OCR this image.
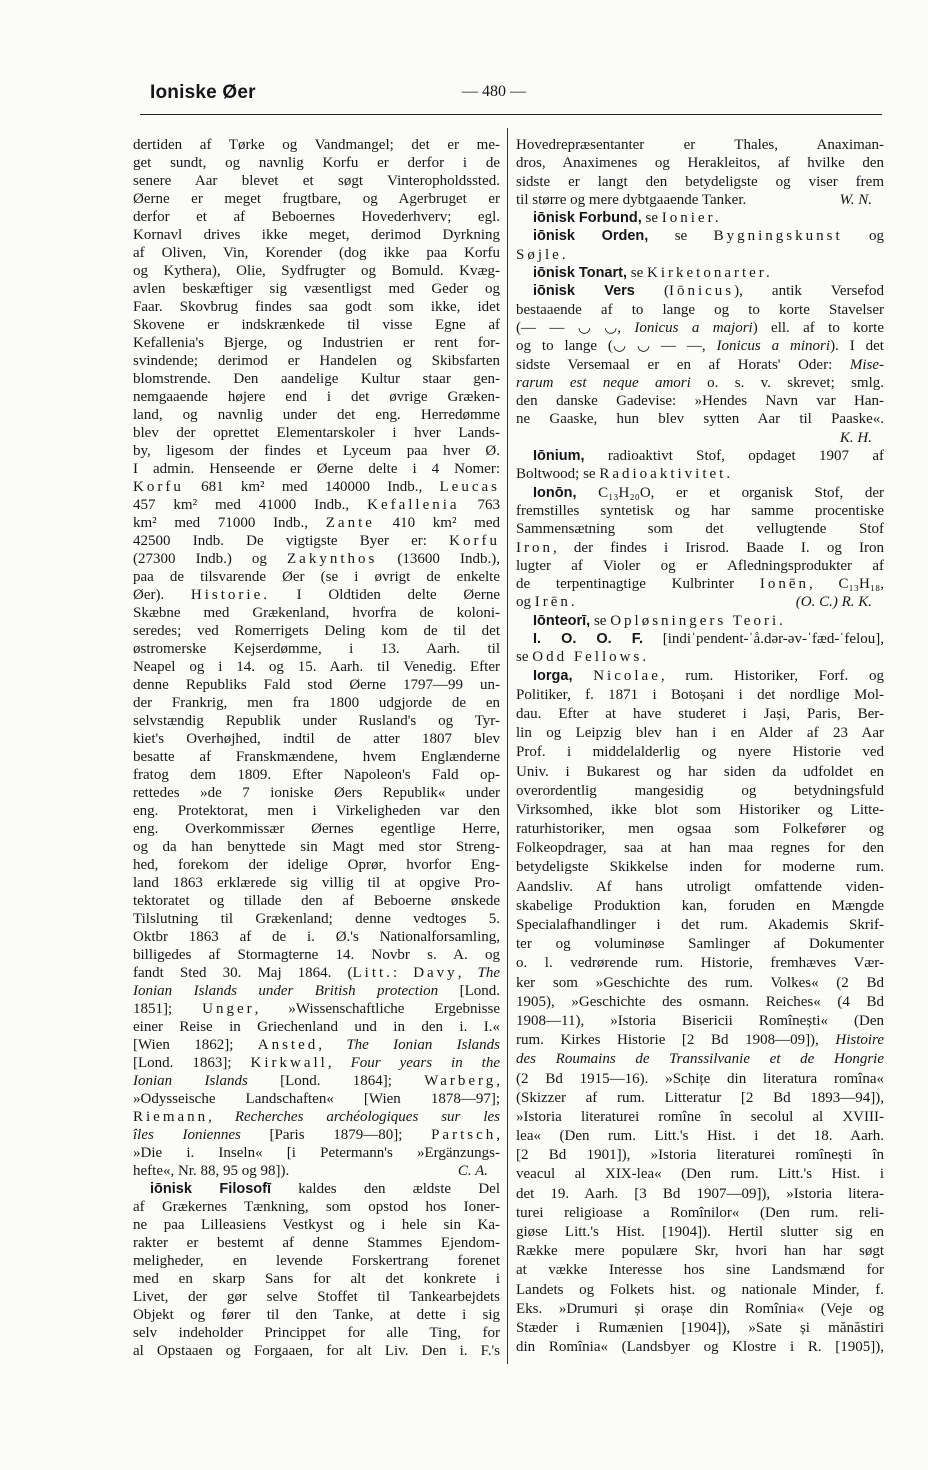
Ioniske Øer	— 480 —
dertiden af Tørke og Vandmangel; det er me-
get sundt, og navnlig Korfu er derfor i de
senere Aar blevet et søgt Vinteropholdssted.
Øerne er meget frugtbare, og Agerbruget er
derfor et af Beboernes Hovederhverv; egl.
Kornavl drives ikke meget, derimod Dyrkning
af Oliven, Vin, Korender (dog ikke paa Korfu
og Kythera), Olie, Sydfrugter og Bomuld. Kvæg-
avlen beskæftiger sig væsentligst med Geder og
Faar. Skovbrug findes saa godt som ikke, idet
Skovene er indskrænkede til visse Egne af
Kefallenia's Bjerge, og Industrien er rent for-
svindende; derimod er Handelen og Skibsfarten
blomstrende. Den aandelige Kultur staar gen-
nemgaaende højere end i det øvrige Græken-
land, og navnlig under det eng. Herredømme
blev der oprettet Elementarskoler i hver Lands-
by, ligesom der findes et Lyceum paa hver Ø.
I admin. Henseende er Øerne delte i 4 Nomer:
Korfu 681 km² med 140000 Indb., Leucas
457 km² med 41000 Indb., Kefallenia 763
km² med 71000 Indb., Zante 410 km² med
42500 Indb. De vigtigste Byer er: Korfu
(27300 Indb.) og Zakynthos (13600 Indb.),
paa de tilsvarende Øer (se i øvrigt de enkelte
Øer). Historie. I Oldtiden delte Øerne
Skæbne med Grækenland, hvorfra de koloni-
seredes; ved Romerrigets Deling kom de til det
østromerske Kejserdømme, i 13. Aarh. til
Neapel og i 14. og 15. Aarh. til Venedig. Efter
denne Republiks Fald stod Øerne 1797—99 un-
der Frankrig, men fra 1800 udgjorde de en
selvstændig Republik under Rusland's og Tyr-
kiet's Overhøjhed, indtil de atter 1807 blev
besatte af Franskmændene, hvem Englænderne
fratog dem 1809. Efter Napoleon's Fald op-
rettedes »de 7 ioniske Øers Republik« under
eng. Protektorat, men i Virkeligheden var den
eng. Overkommissær Øernes egentlige Herre,
og da han benyttede sin Magt med stor Streng-
hed, forekom der idelige Oprør, hvorfor Eng-
land 1863 erklærede sig villig til at opgive Pro-
tektoratet og tillade den af Beboerne ønskede
Tilslutning til Grækenland; denne vedtoges 5.
Oktbr 1863 af de i. Ø.'s Nationalforsamling,
billigedes af Stormagterne 14. Novbr s. A. og
fandt Sted 30. Maj 1864. (Litt.: Davy, The
Ionian Islands under British protection [Lond.
1851]; Unger, »Wissenschaftliche Ergebnisse
einer Reise in Griechenland und in den i. I.«
[Wien 1862]; Ansted, The Ionian Islands
[Lond. 1863]; Kirkwall, Four years in the
Ionian Islands [Lond. 1864]; Warberg,
»Odysseische Landschaften« [Wien 1878—97];
Riemann, Recherches archéologiques sur les
îles Ioniennes [Paris 1879—80]; Partsch,
»Die i. Inseln« [i Petermann's »Ergänzungs-
hefte«, Nr. 88, 95 og 98]).	C. A.
iōnisk Filosofī kaldes den ældste Del
af Grækernes Tænkning, som opstod hos Ioner-
ne paa Lilleasiens Vestkyst og i hele sin Ka-
rakter er bestemt af denne Stammes Ejendom-
meligheder, en levende Forskertrang forenet
med en skarp Sans for alt det konkrete i
Livet, der gør selve Stoffet til Tankearbejdets
Objekt og fører til den Tanke, at dette i sig
selv indeholder Princippet for alle Ting, for
al Opstaaen og Forgaaen, for alt Liv. Den i. F.'s
Hovedrepræsentanter er Thales, Anaximan-
dros, Anaximenes og Herakleitos, af hvilke den
sidste er langt den betydeligste og viser frem
til større og mere dybtgaaende Tanker.	W. N.
iōnisk Forbund, se Ionier.
iōnisk Orden, se Bygningskunst og
Søjle.
iōnisk Tonart, se Kirketonarter.
iōnisk Vers (Iōnicus), antik Versefod
bestaaende af to lange og to korte Stavelser
(— — ◡ ◡, Ionicus a majori) ell. af to korte
og to lange (◡ ◡ — —, Ionicus a minori). I det
sidste Versemaal er en af Horats' Oder: Mise-
rarum est neque amori o. s. v. skrevet; smlg.
den danske Gadevise: »Hendes Navn var Han-
ne Gaaske, hun blev sytten Aar til Paaske«.
K. H.
Iōnium, radioaktivt Stof, opdaget 1907 af
Boltwood; se Radioaktivitet.
Ionōn, C₁₃H₂₀O, er et organisk Stof, der
fremstilles syntetisk og har samme procentiske
Sammensætning som det vellugtende Stof
Iron, der findes i Irisrod. Baade I. og Iron
lugter af Violer og er Afledningsprodukter af
de terpentinagtige Kulbrinter Ionēn, C₁₃H₁₈,
og Irēn.	(O. C.) R. K.
Iōnteorī, se Opløsningers Teori.
I. O. O. F. [indiˈpendent-ˈå.dər-əv-ˈfæd-ˈfelou],
se Odd Fellows.
Iorga, Nicolae, rum. Historiker, Forf. og
Politiker, f. 1871 i Botoșani i det nordlige Mol-
dau. Efter at have studeret i Jași, Paris, Ber-
lin og Leipzig blev han i en Alder af 23 Aar
Prof. i middelalderlig og nyere Historie ved
Univ. i Bukarest og har siden da udfoldet en
overordentlig mangesidig og betydningsfuld
Virksomhed, ikke blot som Historiker og Litte-
raturhistoriker, men ogsaa som Folkefører og
Folkeopdrager, saa at han maa regnes for den
betydeligste Skikkelse inden for moderne rum.
Aandsliv. Af hans utroligt omfattende viden-
skabelige Produktion kan, foruden en Mængde
Specialafhandlinger i det rum. Akademis Skrif-
ter og voluminøse Samlinger af Dokumenter
o. l. vedrørende rum. Historie, fremhæves Vær-
ker som »Geschichte des rum. Volkes« (2 Bd
1905), »Geschichte des osmann. Reiches« (4 Bd
1908—11), »Istoria Bisericii Romînești« (Den
rum. Kirkes Historie [2 Bd 1908—09]), Histoire
des Roumains de Transsilvanie et de Hongrie
(2 Bd 1915—16). »Schițe din literatura romîna«
(Skizzer af rum. Litteratur [2 Bd 1893—94]),
»Istoria literaturei romîne în secolul al XVIII-
lea« (Den rum. Litt.'s Hist. i det 18. Aarh.
[2 Bd 1901]), »Istoria literaturei romînești în
veacul al XIX-lea« (Den rum. Litt.'s Hist. i
det 19. Aarh. [3 Bd 1907—09]), »Istoria litera-
turei religioase a Romînilor« (Den rum. reli-
giøse Litt.'s Hist. [1904]). Hertil slutter sig en
Række mere populære Skr, hvori han har søgt
at vække Interesse hos sine Landsmænd for
Landets og Folkets hist. og nationale Minder, f.
Eks. »Drumuri și orașe din Romînia« (Veje og
Stæder i Rumænien [1904]), »Sate și mănăstiri
din Romînia« (Landsbyer og Klostre i R. [1905]),
